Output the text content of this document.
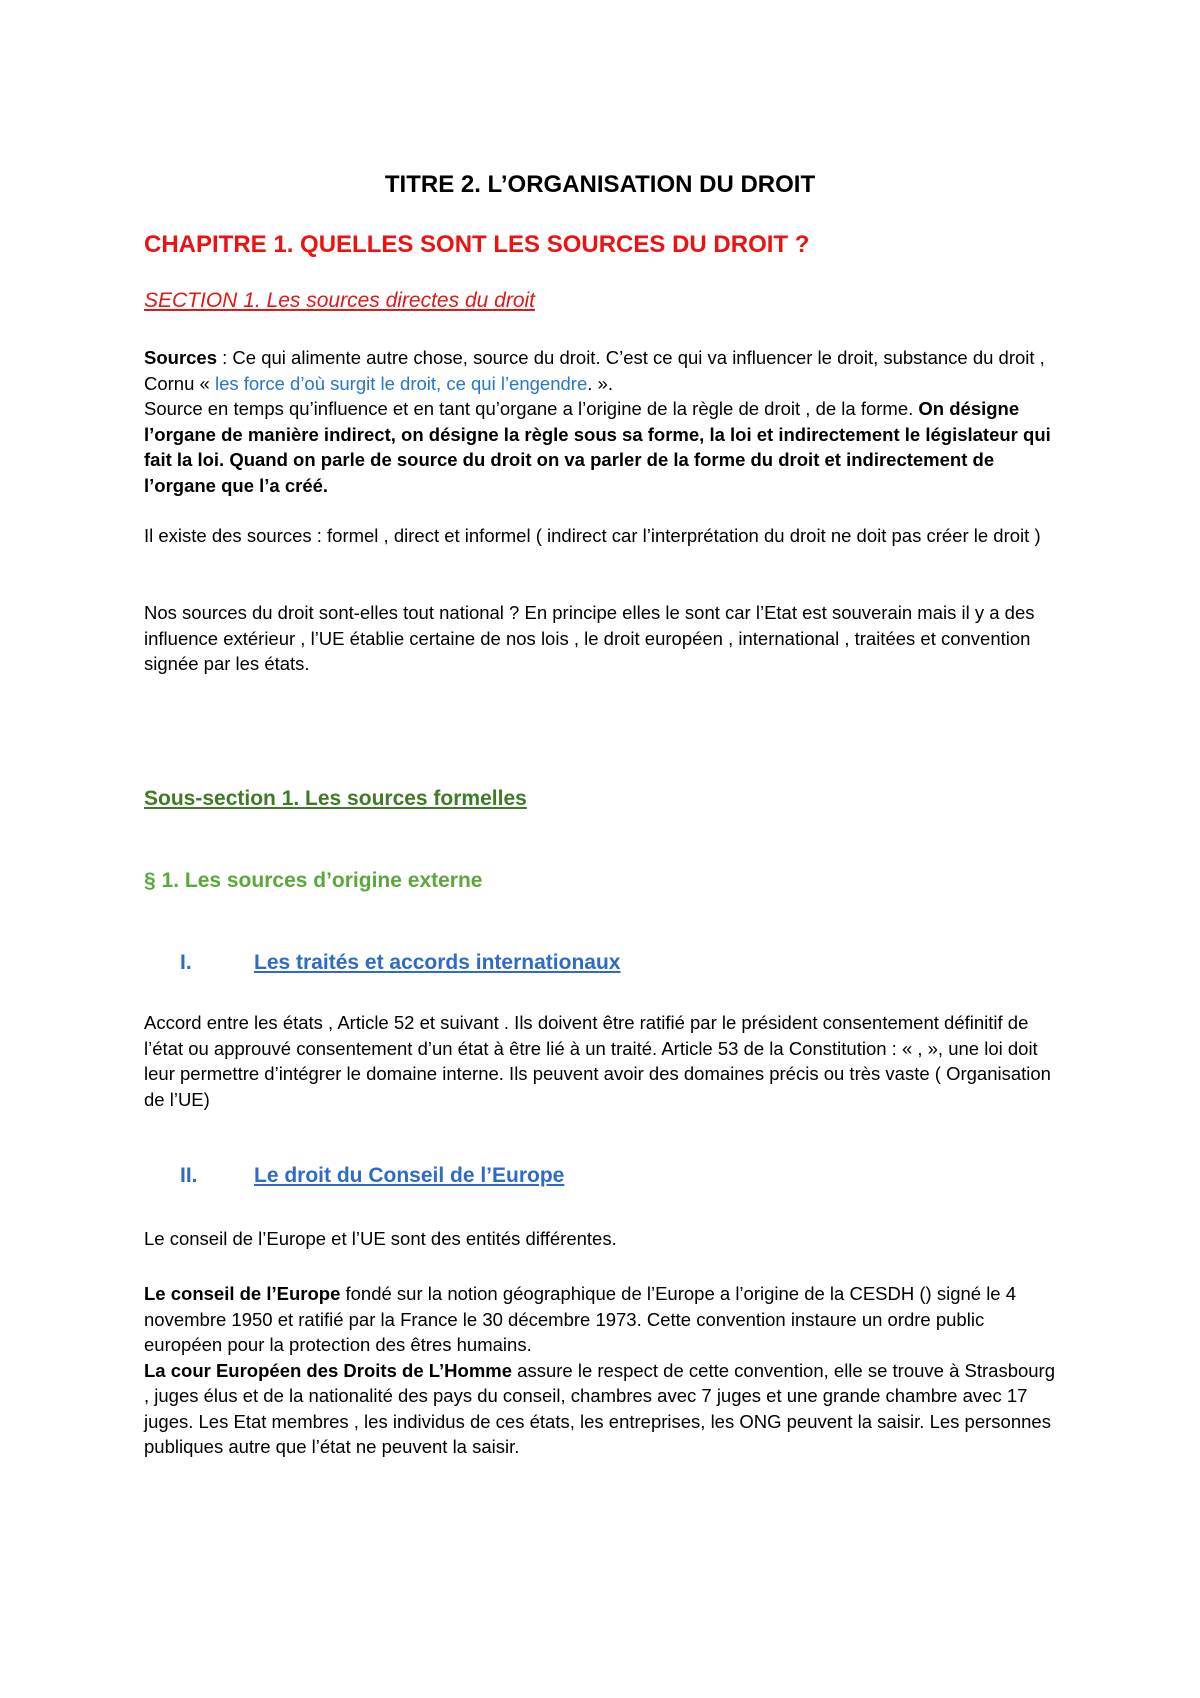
TITRE 2. L’ORGANISATION DU DROIT
CHAPITRE 1. QUELLES SONT LES SOURCES DU DROIT ?
SECTION 1. Les sources directes du droit

Sources : Ce qui alimente autre chose, source du droit. C’est ce qui va influencer le droit, substance du droit , Cornu « les force d’où surgit le droit, ce qui l’engendre. ».

Source en temps qu’influence et en tant qu’organe a l’origine de la règle de droit , de la forme. On désigne l’organe de manière indirect, on désigne la règle sous sa forme, la loi et indirectement le législateur qui fait la loi. Quand on parle de source du droit on va parler de la forme du droit et indirectement de l’organe que l’a créé.

Il existe des sources : formel , direct et informel ( indirect car l’interprétation du droit ne doit pas créer le droit )
Nos sources du droit sont-elles tout national ? En principe elles le sont car l’Etat est souverain mais il y a des influence extérieur , l’UE établie certaine de nos lois , le droit européen , international , traitées et convention signée par les états.
Sous-section 1. Les sources formelles
§ 1. Les sources d’origine externe
I.	Les traités et accords internationaux
Accord entre les états , Article 52 et suivant . Ils doivent être ratifié par le président consentement définitif de l’état ou approuvé consentement d’un état à être lié à un traité. Article 53 de la Constitution : « , », une loi doit leur permettre d’intégrer le domaine interne. Ils peuvent avoir des domaines précis ou très vaste ( Organisation de l’UE)
II.	Le droit du Conseil de l’Europe
Le conseil de l’Europe et l’UE sont des entités différentes.

Le conseil de l’Europe fondé sur la notion géographique de l’Europe a l’origine de la CESDH () signé le 4 novembre 1950 et ratifié par la France le 30 décembre 1973. Cette convention instaure un ordre public européen pour la protection des êtres humains.

La cour Européen des Droits de L’Homme assure le respect de cette convention, elle se trouve à Strasbourg , juges élus et de la nationalité des pays du conseil, chambres avec 7 juges et une grande chambre avec 17 juges. Les Etat membres , les individus de ces états, les entreprises, les ONG peuvent la saisir. Les personnes publiques autre que l’état ne peuvent la saisir.
